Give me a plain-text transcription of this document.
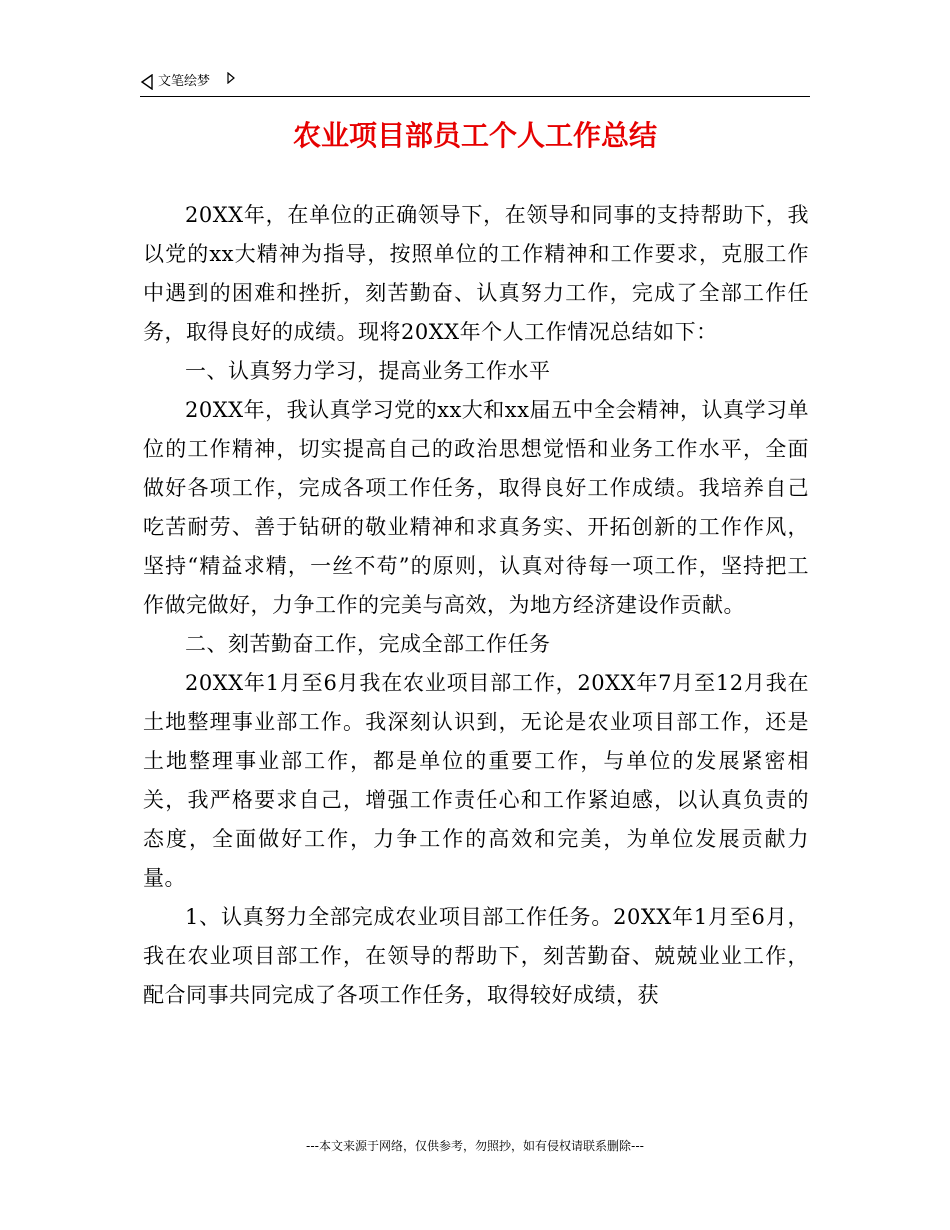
文笔绘梦
农业项目部员工个人工作总结

20XX年，在单位的正确领导下，在领导和同事的支持帮助下，我以党的xx大精神为指导，按照单位的工作精神和工作要求，克服工作中遇到的困难和挫折，刻苦勤奋、认真努力工作，完成了全部工作任务，取得良好的成绩。现将20XX年个人工作情况总结如下：

一、认真努力学习，提高业务工作水平

20XX年，我认真学习党的xx大和xx届五中全会精神，认真学习单位的工作精神，切实提高自己的政治思想觉悟和业务工作水平，全面做好各项工作，完成各项工作任务，取得良好工作成绩。我培养自己吃苦耐劳、善于钻研的敬业精神和求真务实、开拓创新的工作作风，坚持“精益求精，一丝不苟”的原则，认真对待每一项工作，坚持把工作做完做好，力争工作的完美与高效，为地方经济建设作贡献。

二、刻苦勤奋工作，完成全部工作任务

20XX年1月至6月我在农业项目部工作，20XX年7月至12月我在土地整理事业部工作。我深刻认识到，无论是农业项目部工作，还是土地整理事业部工作，都是单位的重要工作，与单位的发展紧密相关，我严格要求自己，增强工作责任心和工作紧迫感，以认真负责的态度，全面做好工作，力争工作的高效和完美，为单位发展贡献力量。

1、认真努力全部完成农业项目部工作任务。20XX年1月至6月，我在农业项目部工作，在领导的帮助下，刻苦勤奋、兢兢业业工作，配合同事共同完成了各项工作任务，取得较好成绩，获

---本文来源于网络，仅供参考，勿照抄，如有侵权请联系删除---
